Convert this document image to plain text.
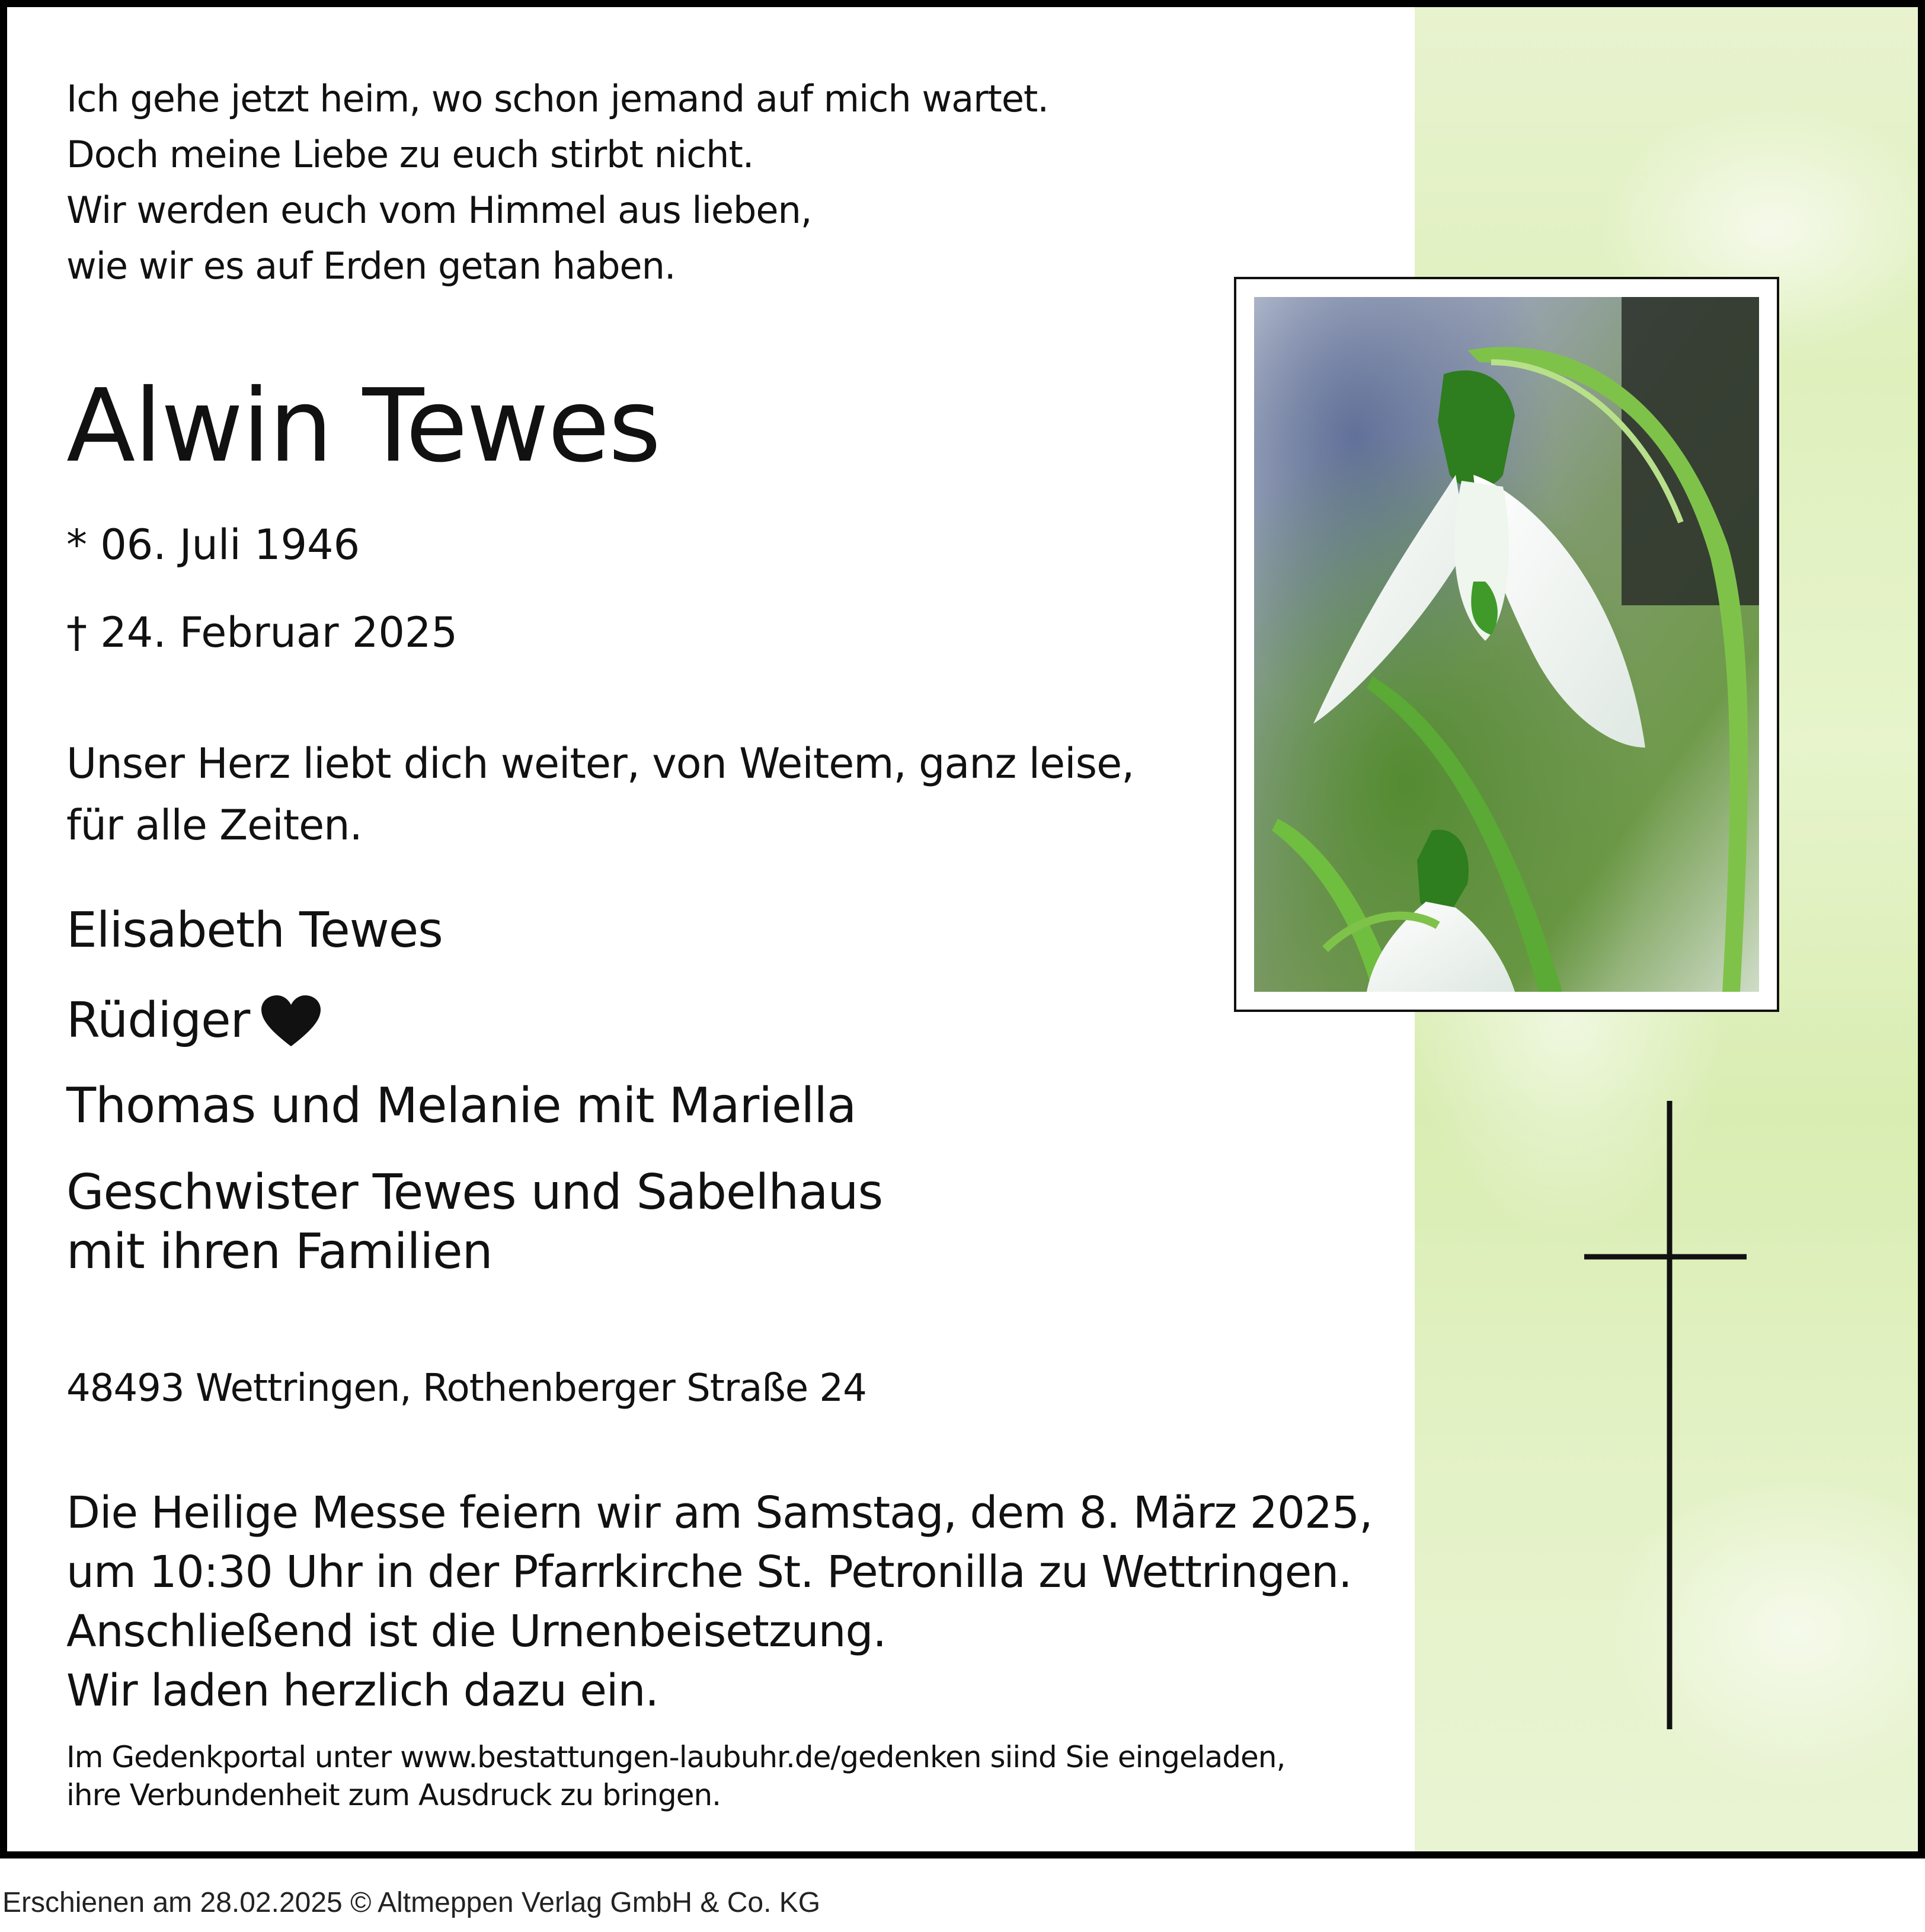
Ich gehe jetzt heim, wo schon jemand auf mich wartet.
Doch meine Liebe zu euch stirbt nicht.
Wir werden euch vom Himmel aus lieben,
wie wir es auf Erden getan haben.
Alwin Tewes
* 06. Juli 1946
† 24. Februar 2025
Unser Herz liebt dich weiter, von Weitem, ganz leise,
für alle Zeiten.
Elisabeth Tewes
Rüdiger
Thomas und Melanie mit Mariella
Geschwister Tewes und Sabelhaus
mit ihren Familien
48493 Wettringen, Rothenberger Straße 24
Die Heilige Messe feiern wir am Samstag, dem 8. März 2025,
um 10:30 Uhr in der Pfarrkirche St. Petronilla zu Wettringen.
Anschließend ist die Urnenbeisetzung.
Wir laden herzlich dazu ein.
Im Gedenkportal unter www.bestattungen-laubuhr.de/gedenken siind Sie eingeladen,
ihre Verbundenheit zum Ausdruck zu bringen.
Erschienen am 28.02.2025 © Altmeppen Verlag GmbH & Co. KG
